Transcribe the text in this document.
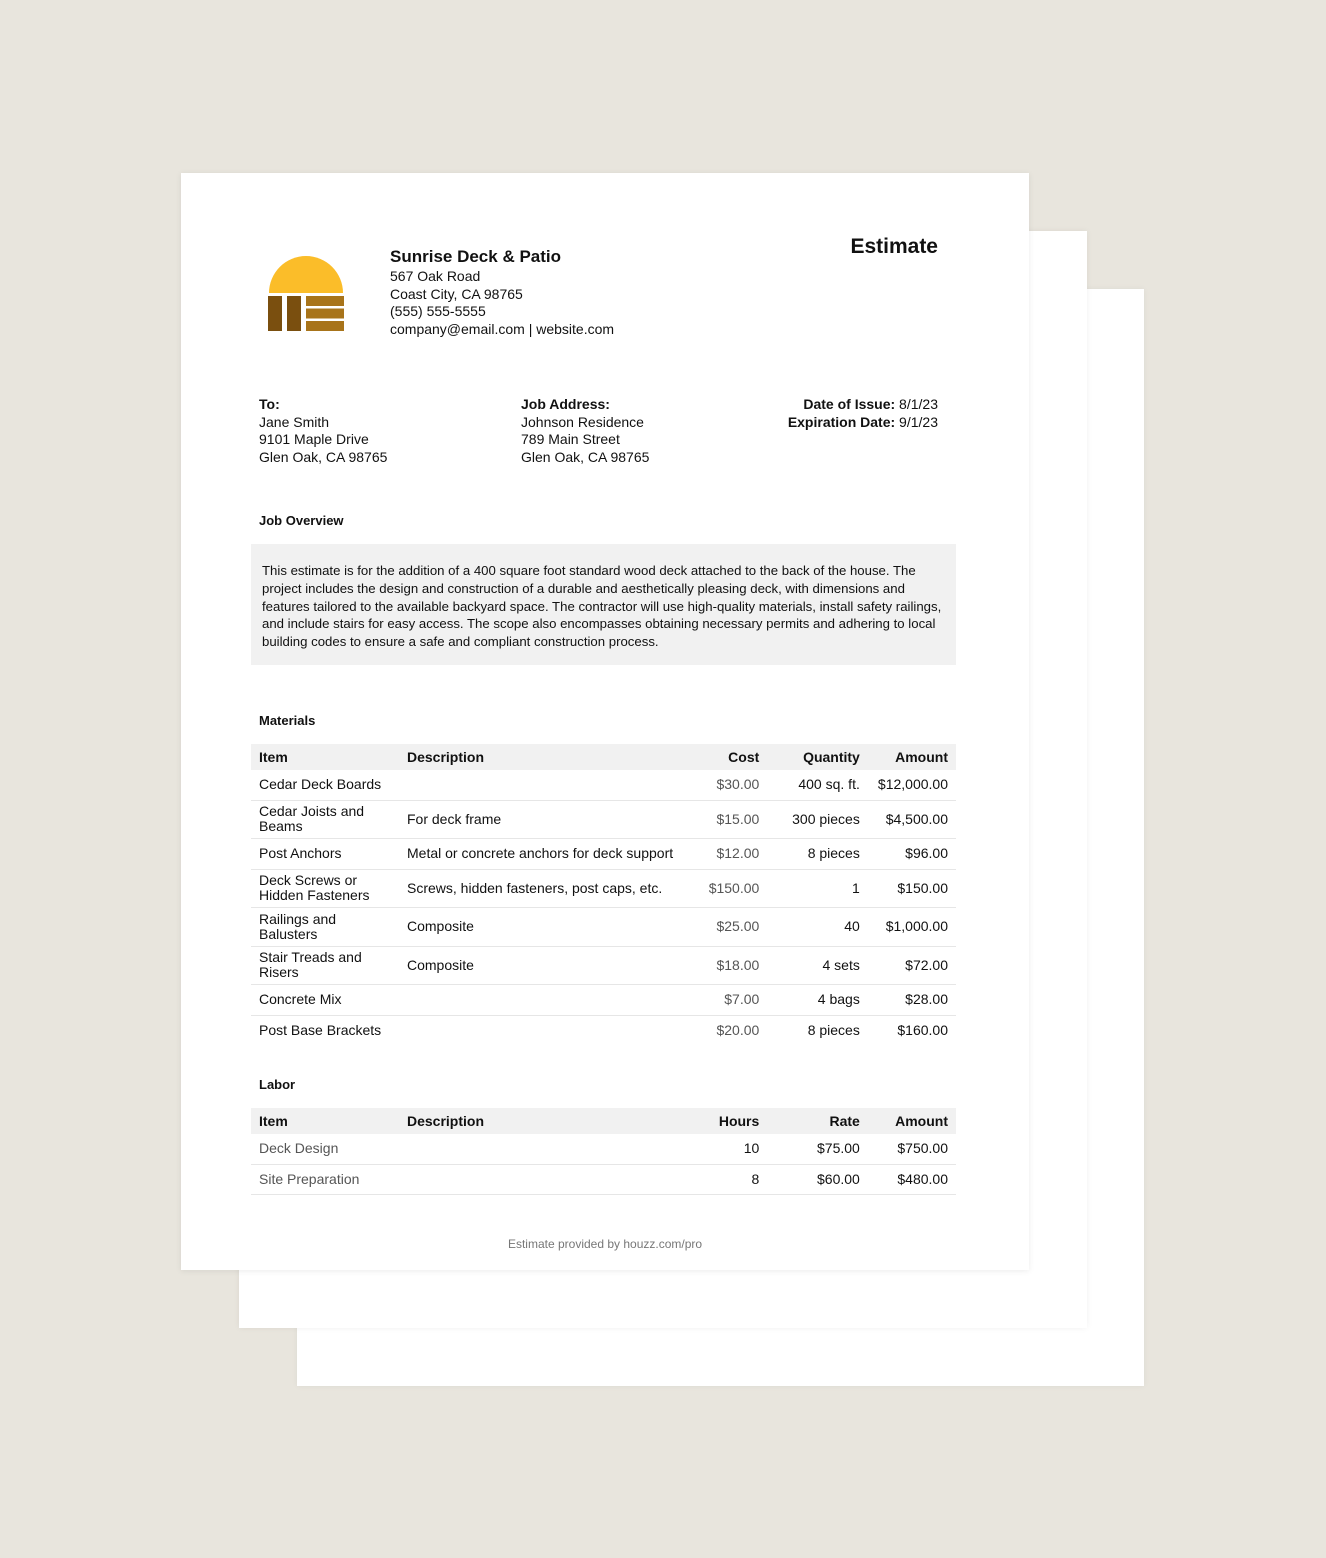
Sunrise Deck & Patio
567 Oak Road
Coast City, CA 98765
(555) 555-5555
company@email.com | website.com
Estimate
To:
Jane Smith
9101 Maple Drive
Glen Oak, CA 98765
Job Address:
Johnson Residence
789 Main Street
Glen Oak, CA 98765
Date of Issue: 8/1/23
Expiration Date: 9/1/23
Job Overview
This estimate is for the addition of a 400 square foot standard wood deck attached to the back of the house. The project includes the design and construction of a durable and aesthetically pleasing deck, with dimensions and features tailored to the available backyard space. The contractor will use high-quality materials, install safety railings, and include stairs for easy access. The scope also encompasses obtaining necessary permits and adhering to local building codes to ensure a safe and compliant construction process.
Materials
Item	Description	Cost	Quantity	Amount
Cedar Deck Boards		$30.00	400 sq. ft.	$12,000.00
Cedar Joists and Beams	For deck frame	$15.00	300 pieces	$4,500.00
Post Anchors	Metal or concrete anchors for deck support	$12.00	8 pieces	$96.00
Deck Screws or Hidden Fasteners	Screws, hidden fasteners, post caps, etc.	$150.00	1	$150.00
Railings and Balusters	Composite	$25.00	40	$1,000.00
Stair Treads and Risers	Composite	$18.00	4 sets	$72.00
Concrete Mix		$7.00	4 bags	$28.00
Post Base Brackets		$20.00	8 pieces	$160.00
Labor
Item	Description	Hours	Rate	Amount
Deck Design		10	$75.00	$750.00
Site Preparation		8	$60.00	$480.00
Estimate provided by houzz.com/pro
